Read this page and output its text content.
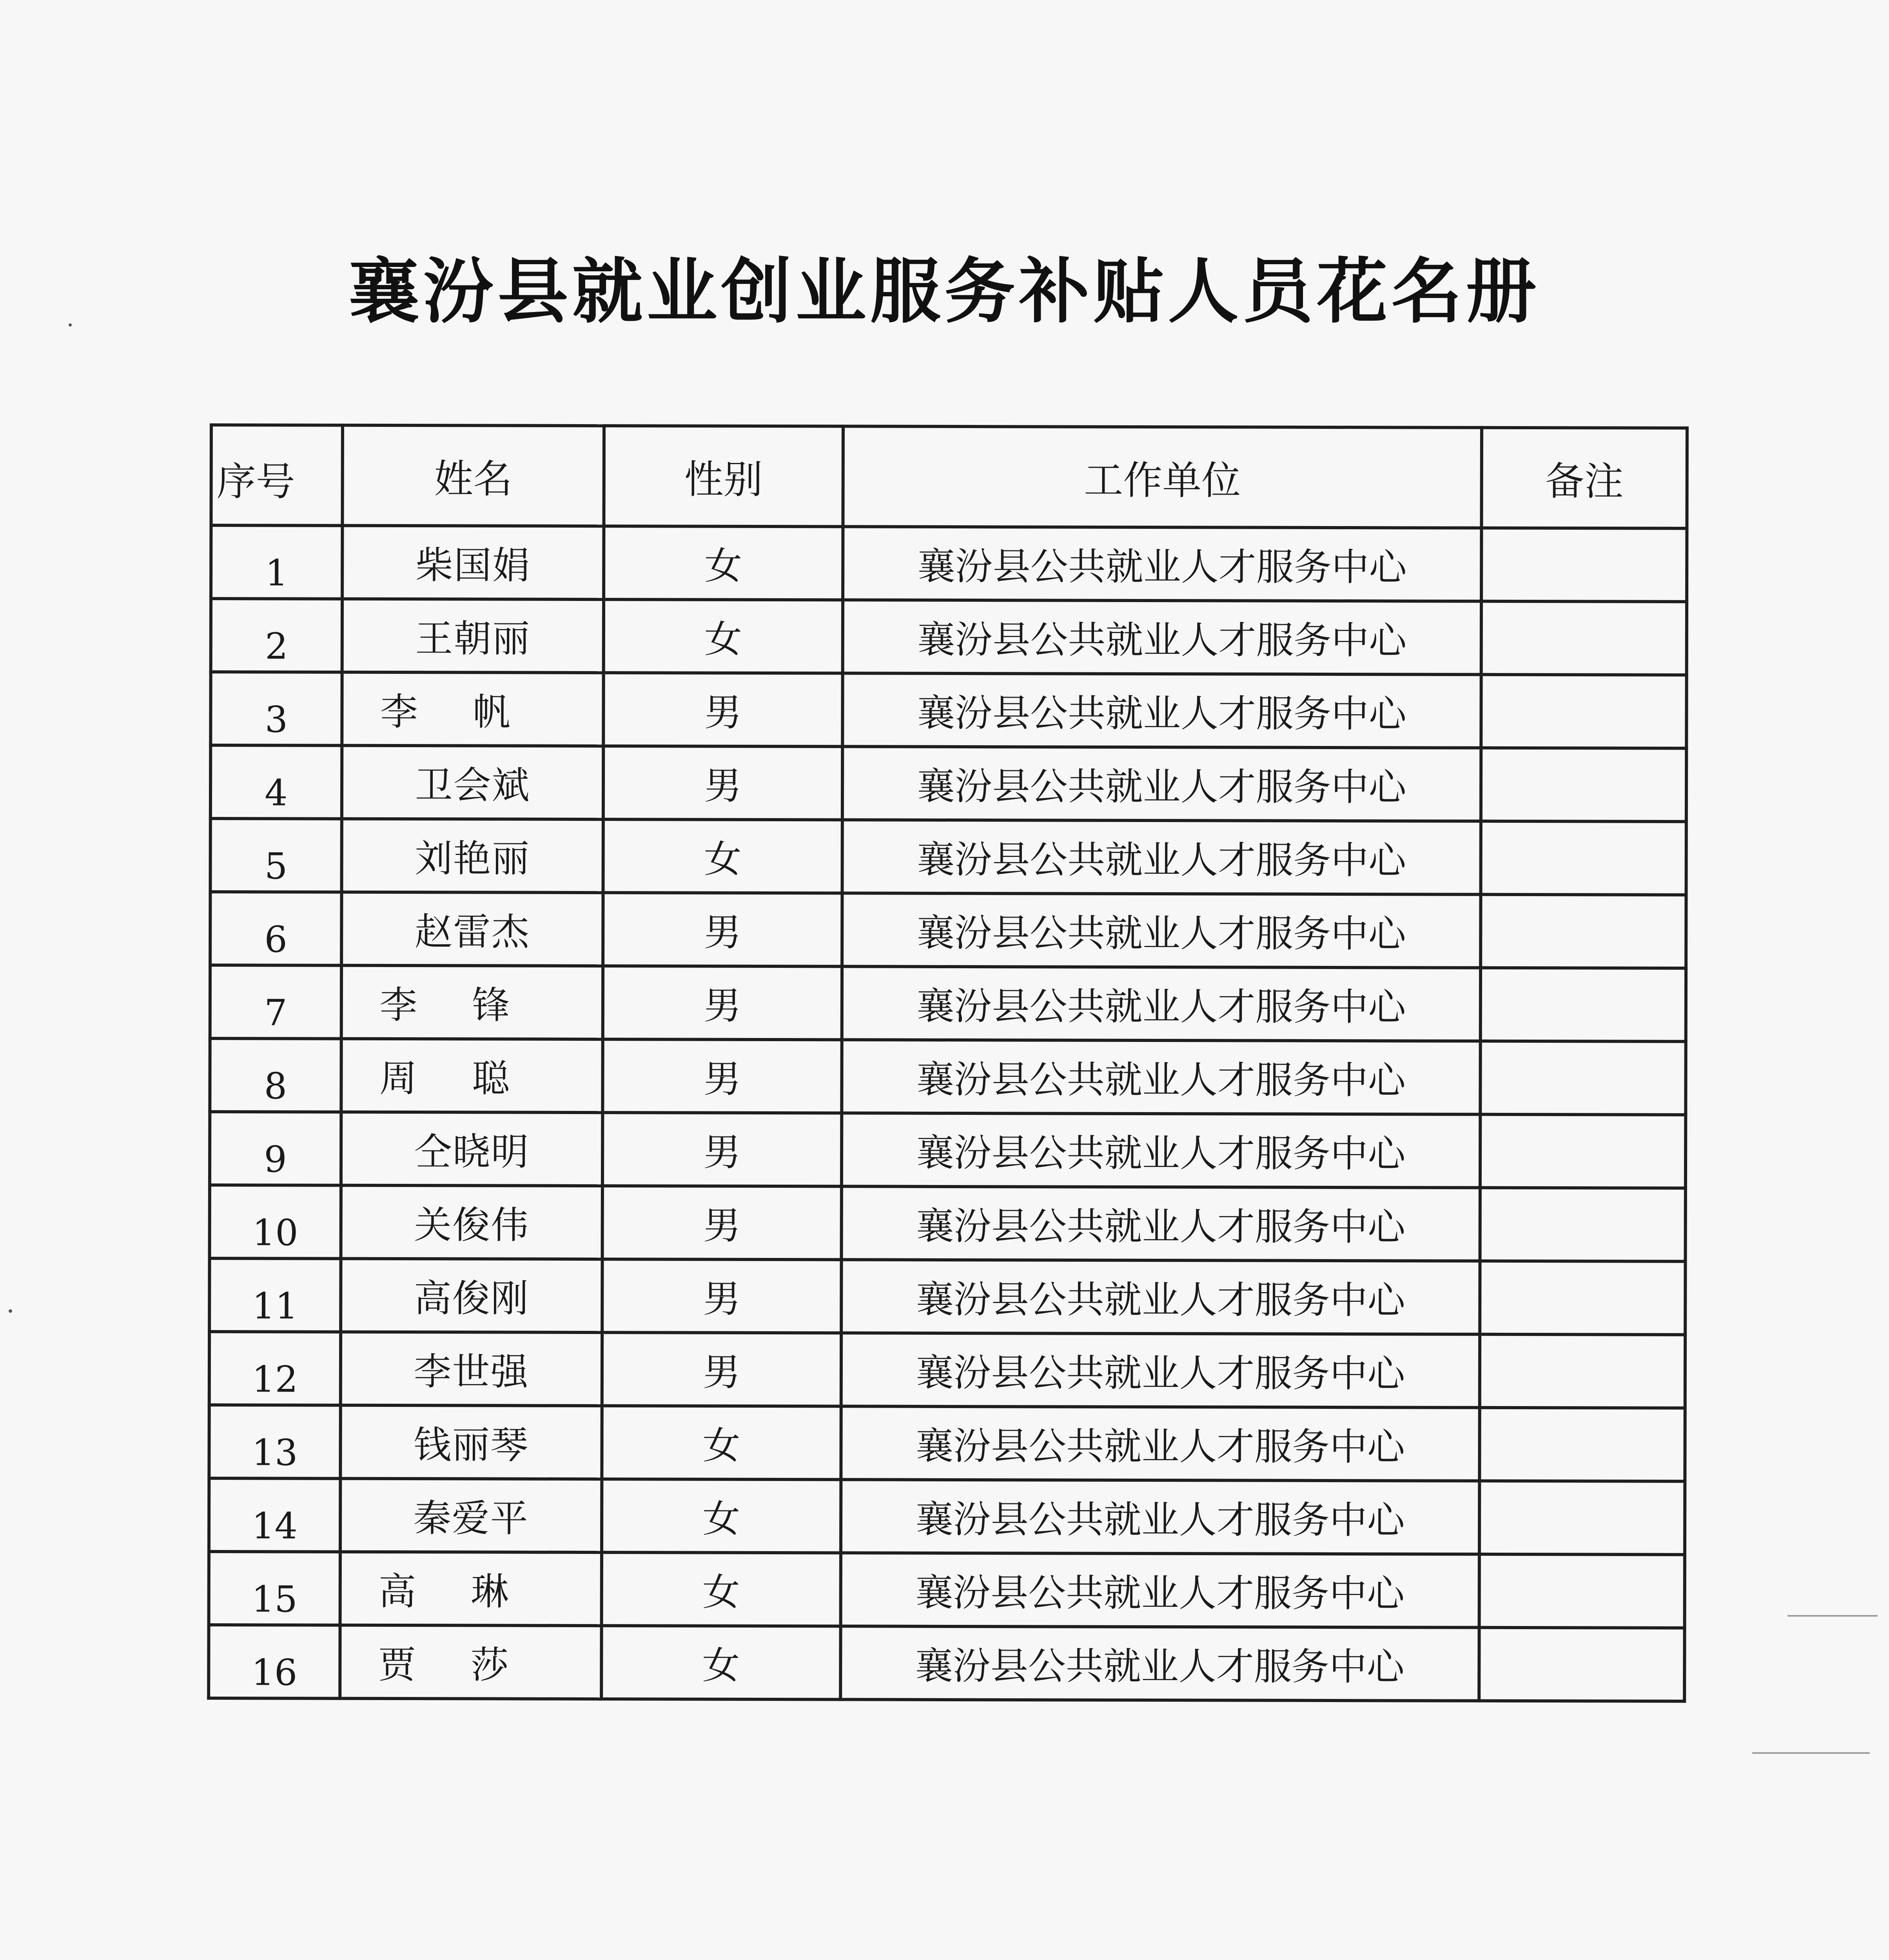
襄汾县就业创业服务补贴人员花名册
序号	姓名	性别	工作单位	备注
1	柴国娟	女	襄汾县公共就业人才服务中心	
2	王朝丽	女	襄汾县公共就业人才服务中心	
3	李帆	男	襄汾县公共就业人才服务中心	
4	卫会斌	男	襄汾县公共就业人才服务中心	
5	刘艳丽	女	襄汾县公共就业人才服务中心	
6	赵雷杰	男	襄汾县公共就业人才服务中心	
7	李锋	男	襄汾县公共就业人才服务中心	
8	周聪	男	襄汾县公共就业人才服务中心	
9	仝晓明	男	襄汾县公共就业人才服务中心	
10	关俊伟	男	襄汾县公共就业人才服务中心	
11	高俊刚	男	襄汾县公共就业人才服务中心	
12	李世强	男	襄汾县公共就业人才服务中心	
13	钱丽琴	女	襄汾县公共就业人才服务中心	
14	秦爱平	女	襄汾县公共就业人才服务中心	
15	高琳	女	襄汾县公共就业人才服务中心	
16	贾莎	女	襄汾县公共就业人才服务中心	
